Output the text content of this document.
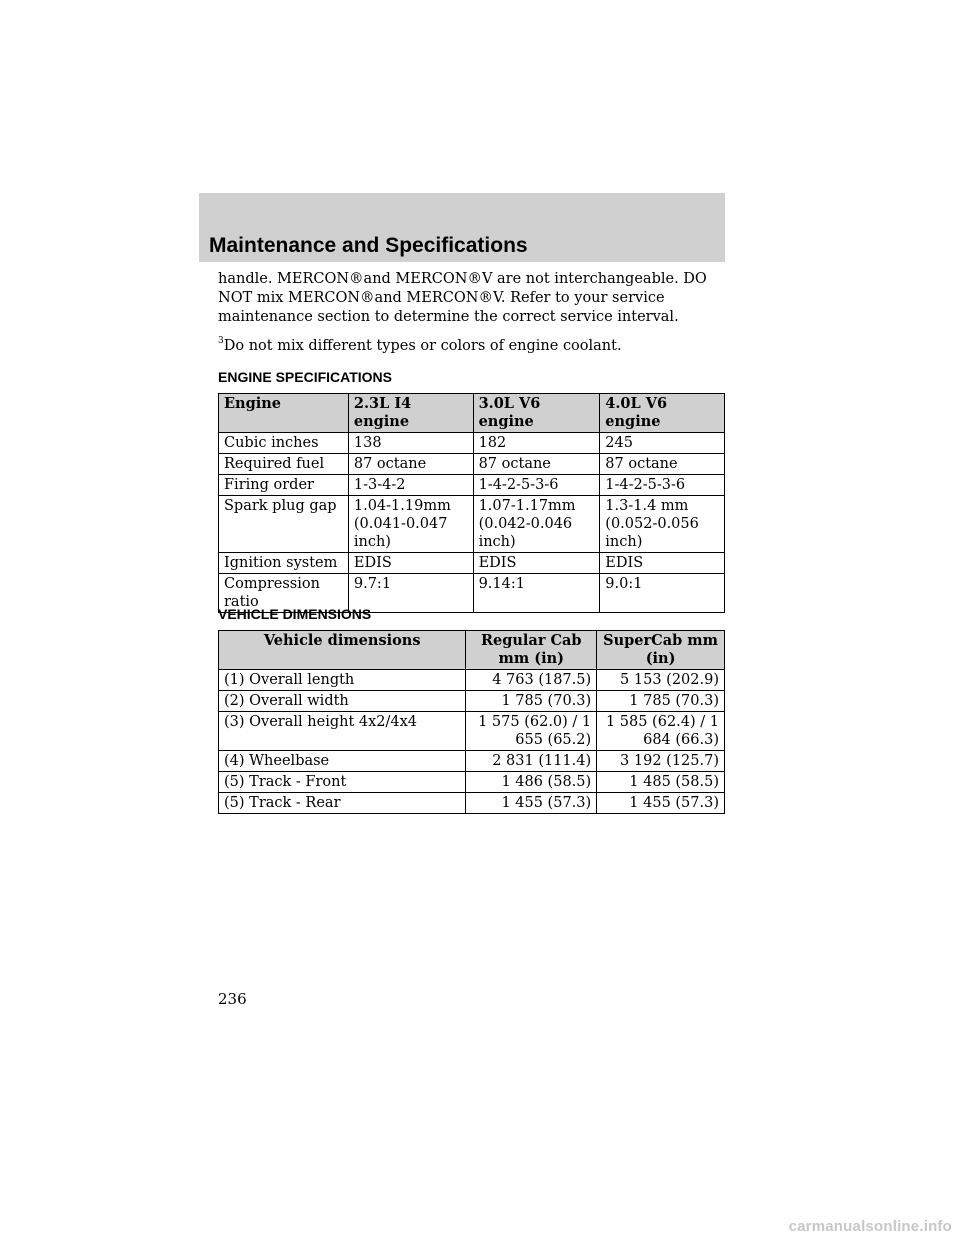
Maintenance and Specifications
handle. MERCON®and MERCON®V are not interchangeable. DO NOT mix MERCON®and MERCON®V. Refer to your service maintenance section to determine the correct service interval.
$^3$Do not mix different types or colors of engine coolant.
ENGINE SPECIFICATIONS
Engine	2.3L I4 engine	3.0L V6 engine	4.0L V6 engine
Cubic inches	138	182	245
Required fuel	87 octane	87 octane	87 octane
Firing order	1-3-4-2	1-4-2-5-3-6	1-4-2-5-3-6
Spark plug gap	1.04-1.19mm (0.041-0.047 inch)	1.07-1.17mm (0.042-0.046 inch)	1.3-1.4 mm (0.052-0.056 inch)
Ignition system	EDIS	EDIS	EDIS
Compression ratio	9.7:1	9.14:1	9.0:1
VEHICLE DIMENSIONS
Vehicle dimensions	Regular Cab mm (in)	SuperCab mm (in)
(1) Overall length	4 763 (187.5)	5 153 (202.9)
(2) Overall width	1 785 (70.3)	1 785 (70.3)
(3) Overall height 4x2/4x4	1 575 (62.0) / 1 655 (65.2)	1 585 (62.4) / 1 684 (66.3)
(4) Wheelbase	2 831 (111.4)	3 192 (125.7)
(5) Track - Front	1 486 (58.5)	1 485 (58.5)
(5) Track - Rear	1 455 (57.3)	1 455 (57.3)
236
carmanualsonline.info
